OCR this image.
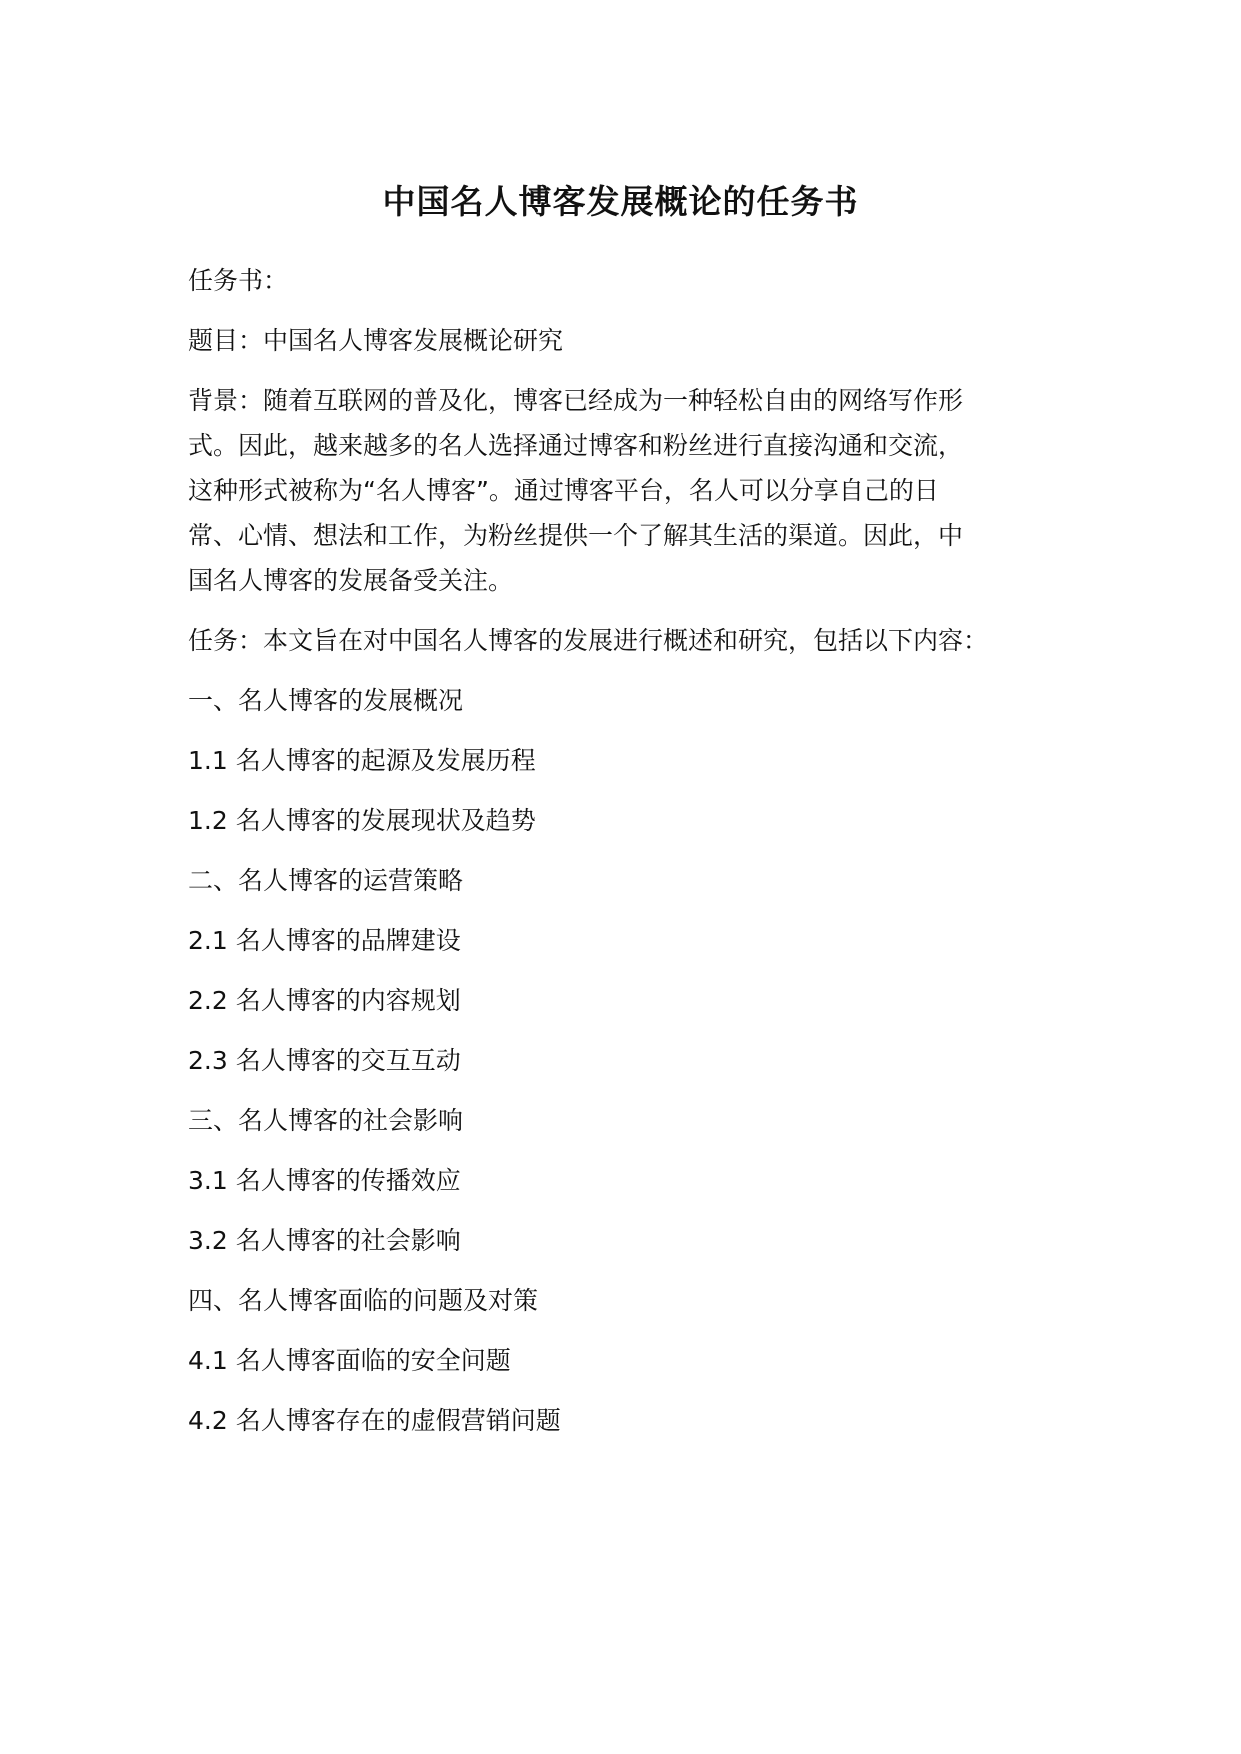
中国名人博客发展概论的任务书
任务书：
题目：中国名人博客发展概论研究
背景：随着互联网的普及化，博客已经成为一种轻松自由的网络写作形
式。因此，越来越多的名人选择通过博客和粉丝进行直接沟通和交流，
这种形式被称为“名人博客”。通过博客平台，名人可以分享自己的日
常、心情、想法和工作，为粉丝提供一个了解其生活的渠道。因此，中
国名人博客的发展备受关注。
任务：本文旨在对中国名人博客的发展进行概述和研究，包括以下内容：
一、名人博客的发展概况
1.1 名人博客的起源及发展历程
1.2 名人博客的发展现状及趋势
二、名人博客的运营策略
2.1 名人博客的品牌建设
2.2 名人博客的内容规划
2.3 名人博客的交互互动
三、名人博客的社会影响
3.1 名人博客的传播效应
3.2 名人博客的社会影响
四、名人博客面临的问题及对策
4.1 名人博客面临的安全问题
4.2 名人博客存在的虚假营销问题
